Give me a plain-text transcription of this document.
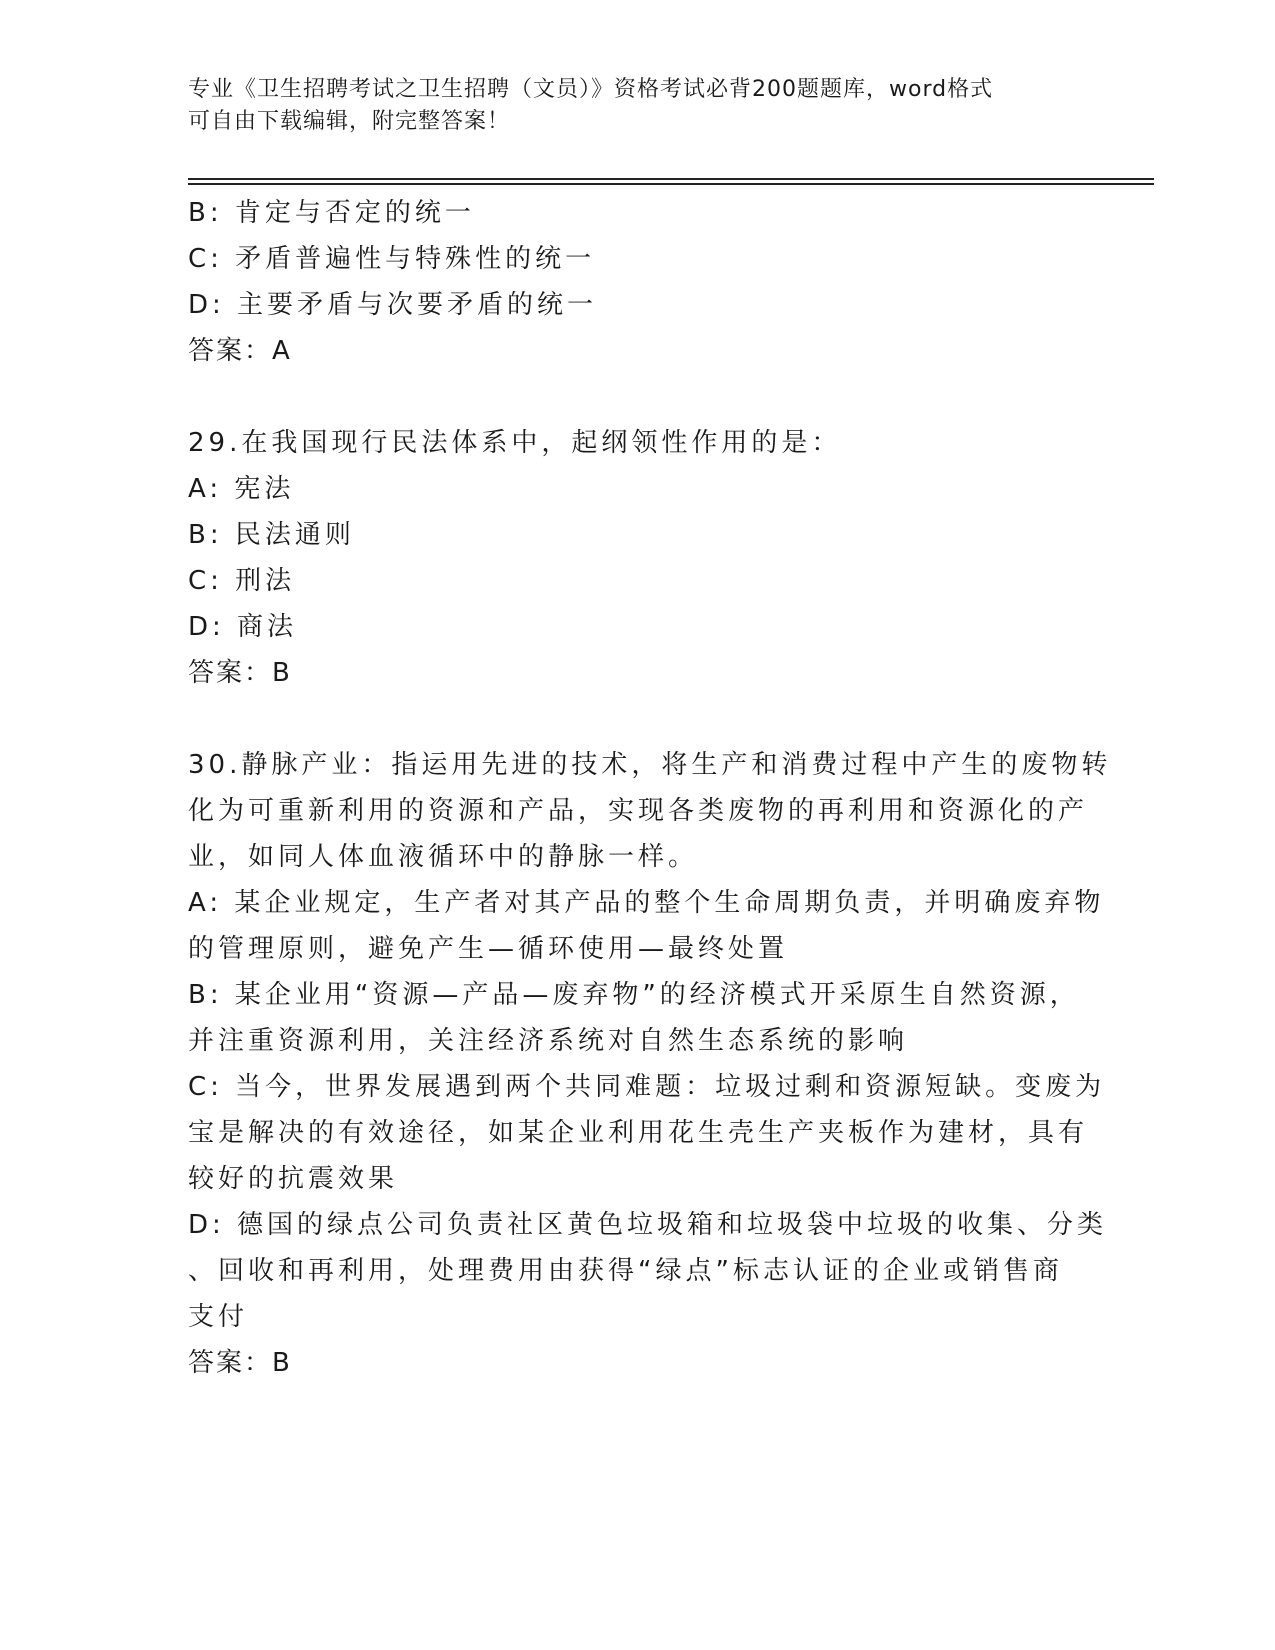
专业《卫生招聘考试之卫生招聘（文员）》资格考试必背200题题库，word格式
可自由下载编辑，附完整答案！
B: 肯定与否定的统一
C: 矛盾普遍性与特殊性的统一
D: 主要矛盾与次要矛盾的统一
答案：A
29.在我国现行民法体系中，起纲领性作用的是：
A: 宪法
B: 民法通则
C: 刑法
D: 商法
答案：B
30.静脉产业：指运用先进的技术，将生产和消费过程中产生的废物转
化为可重新利用的资源和产品，实现各类废物的再利用和资源化的产
业，如同人体血液循环中的静脉一样。
A: 某企业规定，生产者对其产品的整个生命周期负责，并明确废弃物
的管理原则，避免产生—循环使用—最终处置
B: 某企业用“资源—产品—废弃物”的经济模式开采原生自然资源，
并注重资源利用，关注经济系统对自然生态系统的影响
C: 当今，世界发展遇到两个共同难题：垃圾过剩和资源短缺。变废为
宝是解决的有效途径，如某企业利用花生壳生产夹板作为建材，具有
较好的抗震效果
D: 德国的绿点公司负责社区黄色垃圾箱和垃圾袋中垃圾的收集、分类
、回收和再利用，处理费用由获得“绿点”标志认证的企业或销售商
支付
答案：B
